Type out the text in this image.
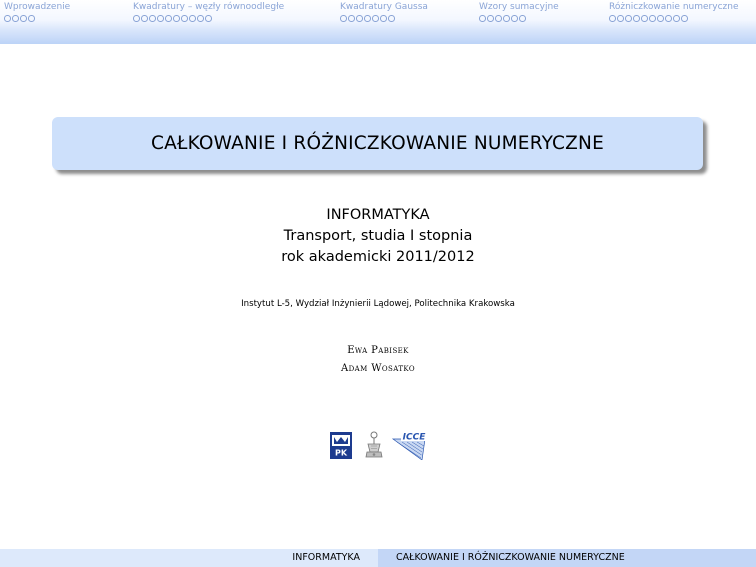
Wprowadzenie	Kwadratury – węzły równoodległe	Kwadratury Gaussa	Wzory sumacyjne	Różniczkowanie numeryczne
CAŁKOWANIE I RÓŻNICZKOWANIE NUMERYCZNE
INFORMATYKA
Transport, studia I stopnia
rok akademicki 2011/2012
Instytut L-5, Wydział Inżynierii Lądowej, Politechnika Krakowska
Ewa Pabisek
Adam Wosatko
PK
ICCE
INFORMATYKA	CAŁKOWANIE I RÓŻNICZKOWANIE NUMERYCZNE
